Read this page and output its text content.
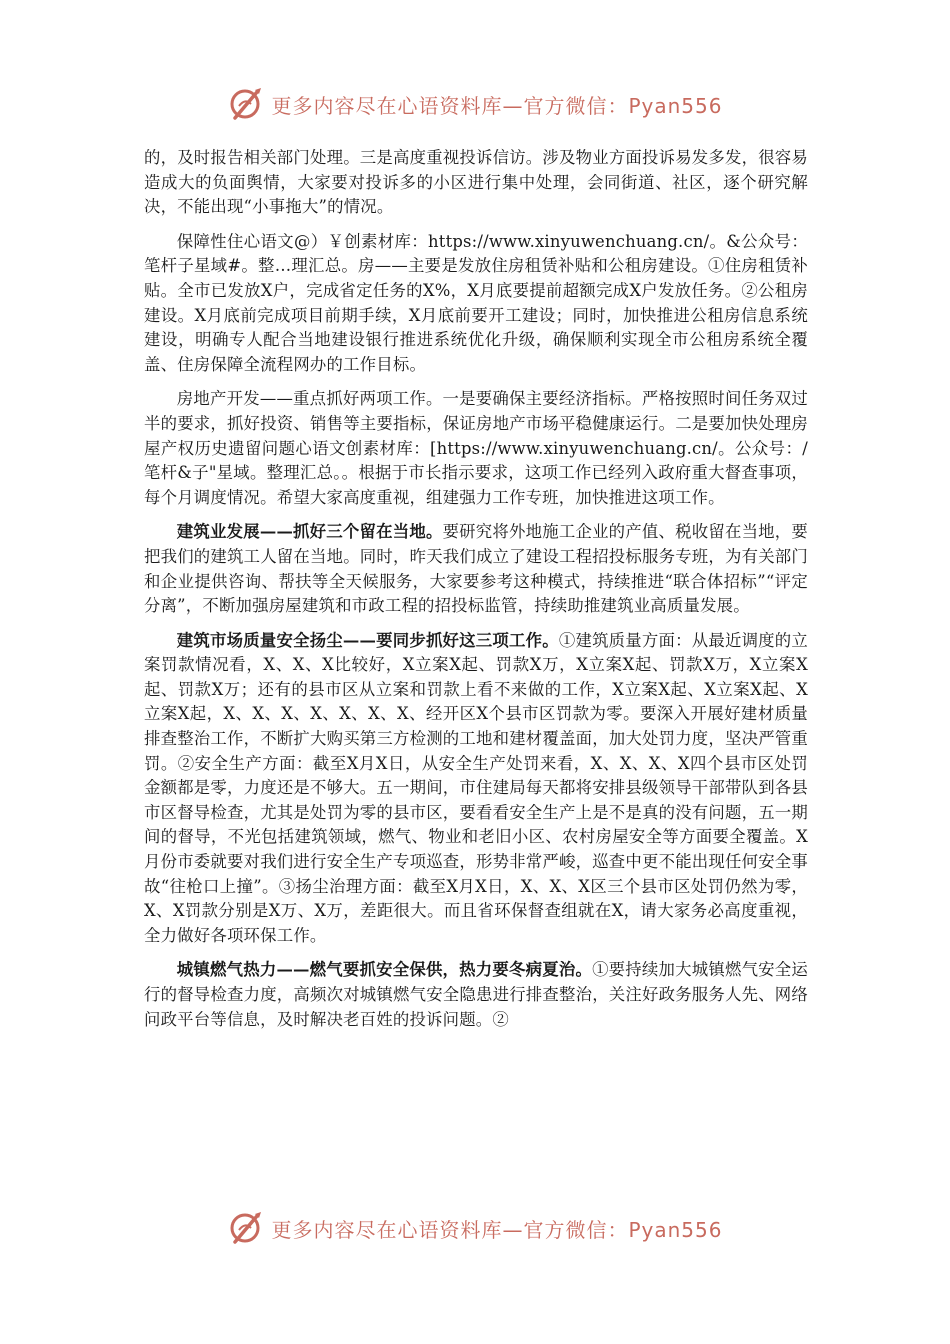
更多内容尽在心语资料库—官方微信：Pyan556

的，及时报告相关部门处理。三是高度重视投诉信访。涉及物业方面投诉易发多发，很容易造成大的负面舆情，大家要对投诉多的小区进行集中处理，会同街道、社区，逐个研究解决，不能出现“小事拖大”的情况。

保障性住心语文@）￥创素材库：https://www.xinyuwenchuang.cn/。&公众号：笔杆子星域#。整…理汇总。房——主要是发放住房租赁补贴和公租房建设。①住房租赁补贴。全市已发放X户，完成省定任务的X%，X月底要提前超额完成X户发放任务。②公租房建设。X月底前完成项目前期手续，X月底前要开工建设；同时，加快推进公租房信息系统建设，明确专人配合当地建设银行推进系统优化升级，确保顺利实现全市公租房系统全覆盖、住房保障全流程网办的工作目标。

房地产开发——重点抓好两项工作。一是要确保主要经济指标。严格按照时间任务双过半的要求，抓好投资、销售等主要指标，保证房地产市场平稳健康运行。二是要加快处理房屋产权历史遗留问题心语文创素材库：[https://www.xinyuwenchuang.cn/。公众号：/笔杆&子"星域。整理汇总。。根据于市长指示要求，这项工作已经列入政府重大督查事项，每个月调度情况。希望大家高度重视，组建强力工作专班，加快推进这项工作。

建筑业发展——抓好三个留在当地。要研究将外地施工企业的产值、税收留在当地，要把我们的建筑工人留在当地。同时，昨天我们成立了建设工程招投标服务专班，为有关部门和企业提供咨询、帮扶等全天候服务，大家要参考这种模式，持续推进“联合体招标”“评定分离”，不断加强房屋建筑和市政工程的招投标监管，持续助推建筑业高质量发展。

建筑市场质量安全扬尘——要同步抓好这三项工作。①建筑质量方面：从最近调度的立案罚款情况看，X、X、X比较好，X立案X起、罚款X万，X立案X起、罚款X万，X立案X起、罚款X万；还有的县市区从立案和罚款上看不来做的工作，X立案X起、X立案X起、X立案X起，X、X、X、X、X、X、X、经开区X个县市区罚款为零。要深入开展好建材质量排查整治工作，不断扩大购买第三方检测的工地和建材覆盖面，加大处罚力度，坚决严管重罚。②安全生产方面：截至X月X日，从安全生产处罚来看，X、X、X、X四个县市区处罚金额都是零，力度还是不够大。五一期间，市住建局每天都将安排县级领导干部带队到各县市区督导检查，尤其是处罚为零的县市区，要看看安全生产上是不是真的没有问题，五一期间的督导，不光包括建筑领域，燃气、物业和老旧小区、农村房屋安全等方面要全覆盖。X月份市委就要对我们进行安全生产专项巡查，形势非常严峻，巡查中更不能出现任何安全事故“往枪口上撞”。③扬尘治理方面：截至X月X日，X、X、X区三个县市区处罚仍然为零，X、X罚款分别是X万、X万，差距很大。而且省环保督查组就在X，请大家务必高度重视，全力做好各项环保工作。

城镇燃气热力——燃气要抓安全保供，热力要冬病夏治。①要持续加大城镇燃气安全运行的督导检查力度，高频次对城镇燃气安全隐患进行排查整治，关注好政务服务人先、网络问政平台等信息，及时解决老百姓的投诉问题。②

更多内容尽在心语资料库—官方微信：Pyan556
